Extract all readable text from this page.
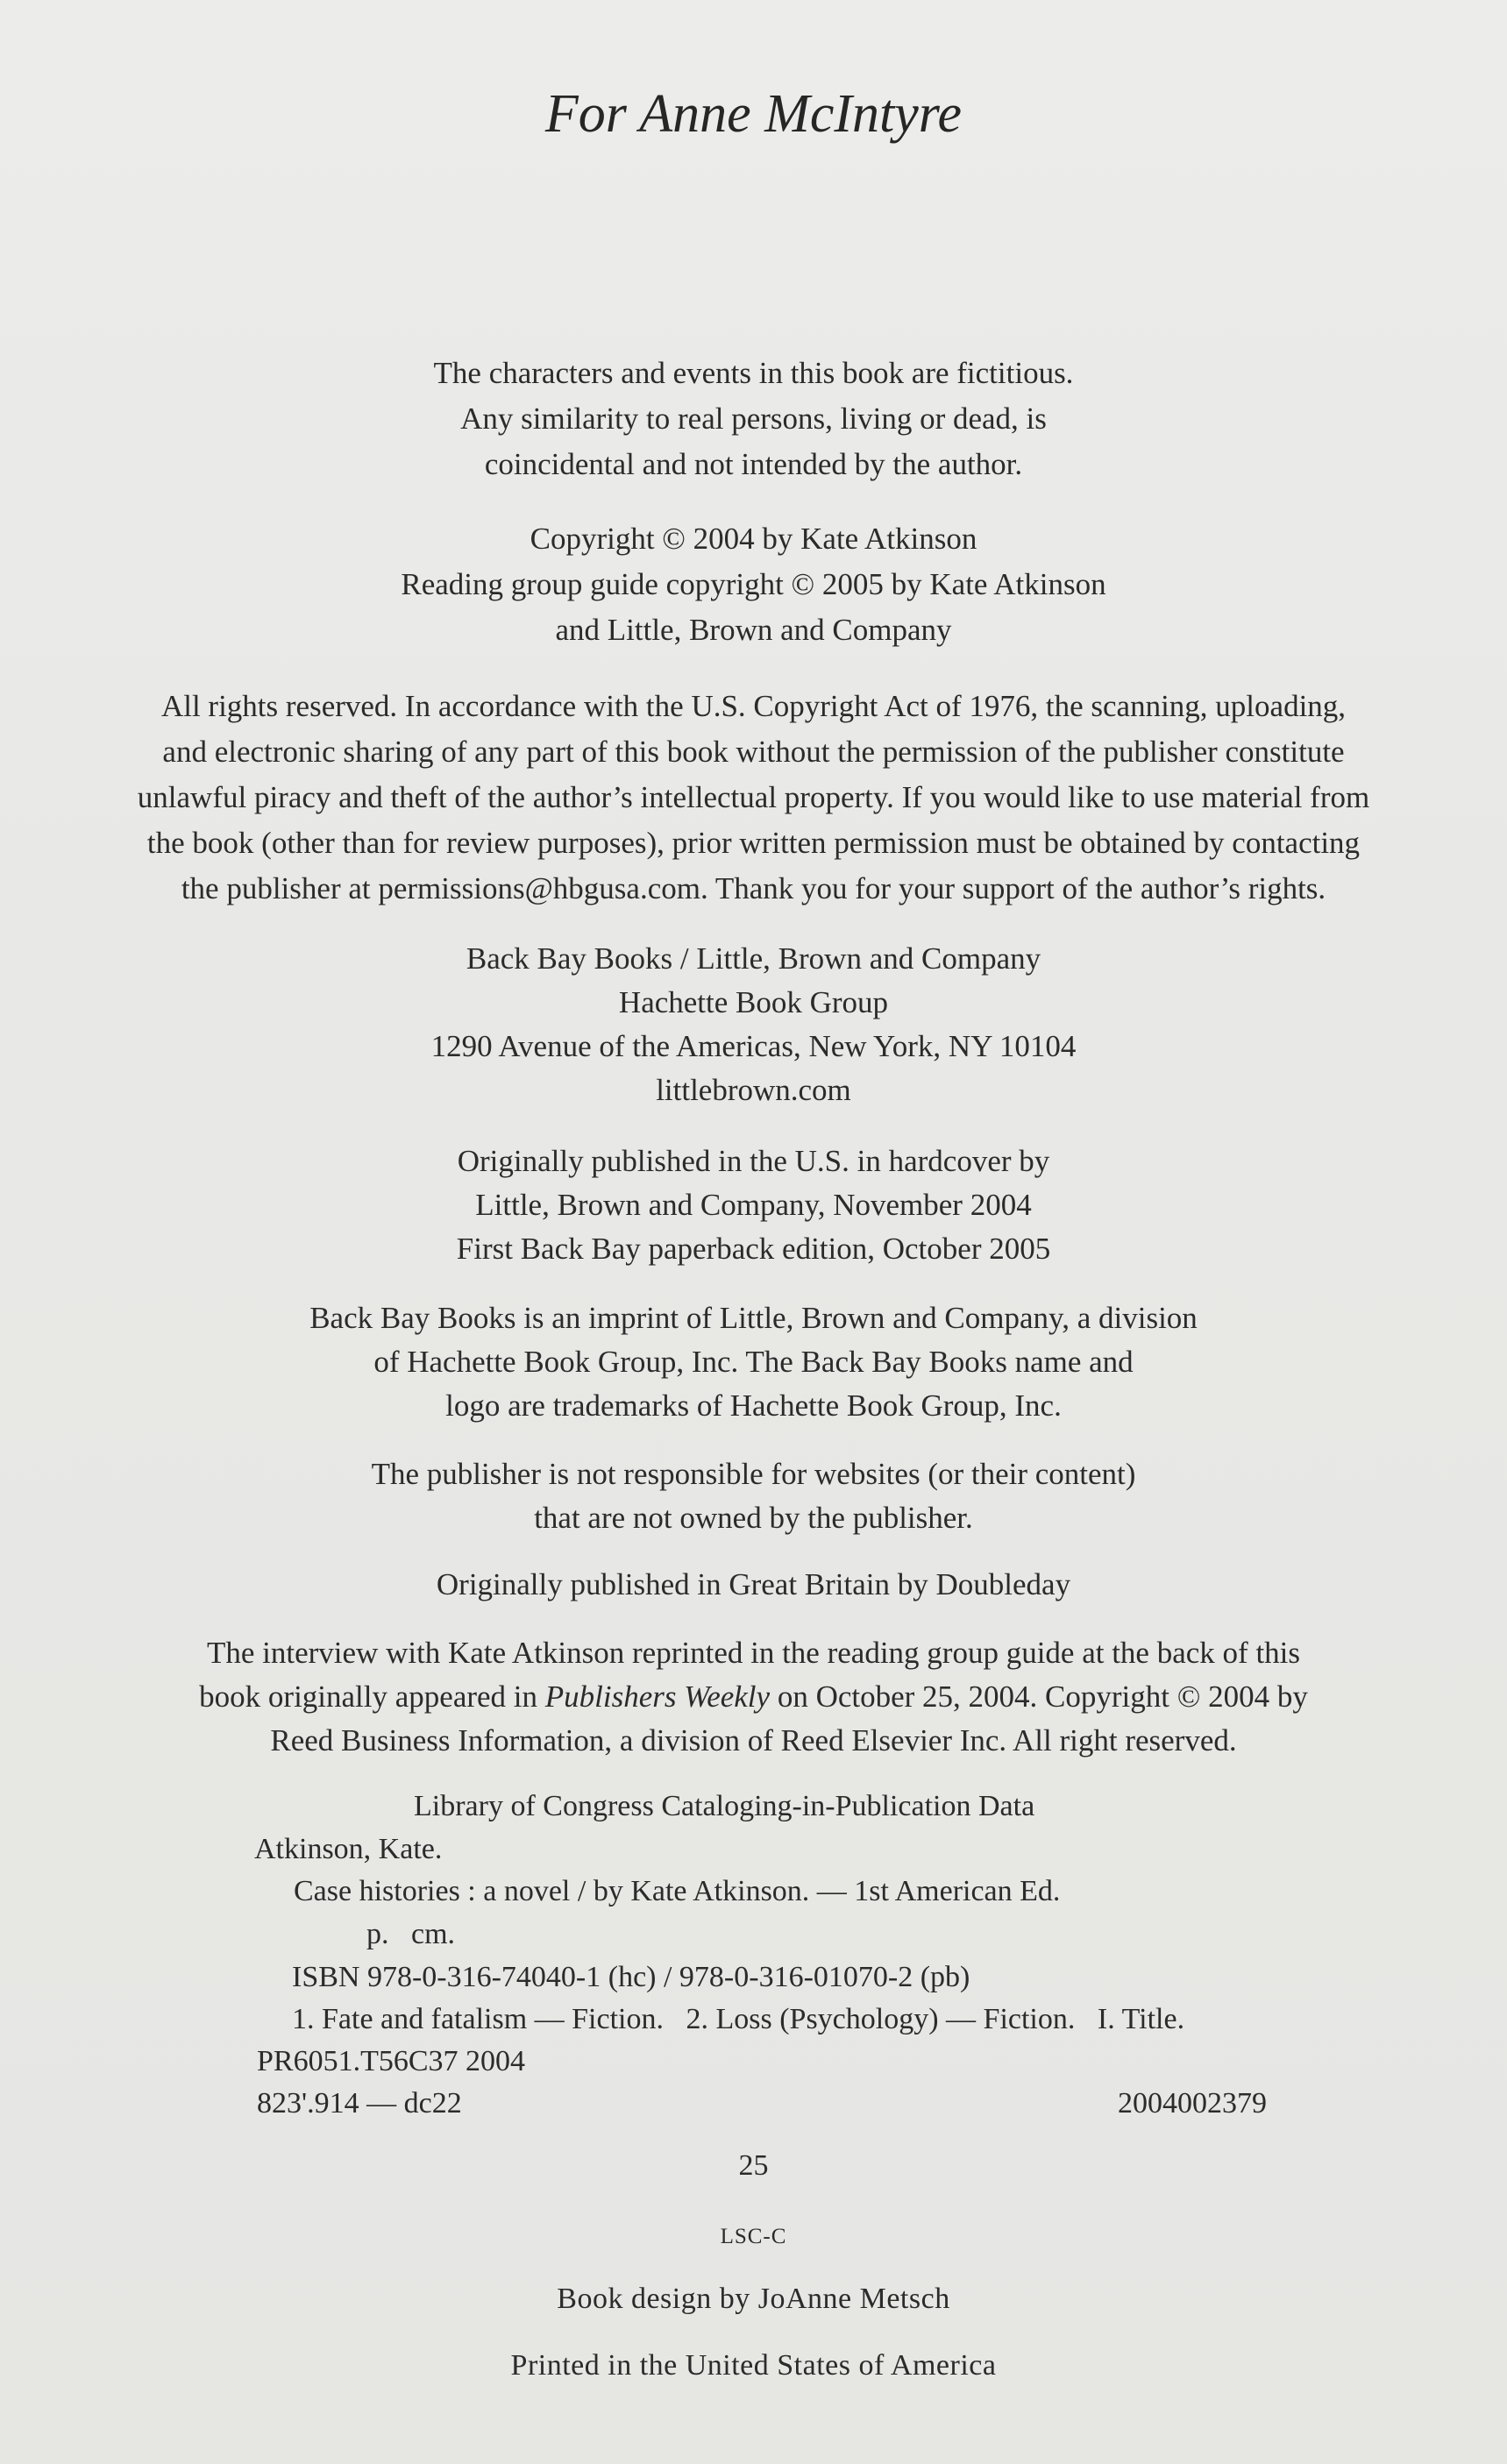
For Anne McIntyre
The characters and events in this book are fictitious.
Any similarity to real persons, living or dead, is
coincidental and not intended by the author.
Copyright © 2004 by Kate Atkinson
Reading group guide copyright © 2005 by Kate Atkinson
and Little, Brown and Company
All rights reserved. In accordance with the U.S. Copyright Act of 1976, the scanning, uploading,
and electronic sharing of any part of this book without the permission of the publisher constitute
unlawful piracy and theft of the author’s intellectual property. If you would like to use material from
the book (other than for review purposes), prior written permission must be obtained by contacting
the publisher at permissions@hbgusa.com. Thank you for your support of the author’s rights.
Back Bay Books / Little, Brown and Company
Hachette Book Group
1290 Avenue of the Americas, New York, NY 10104
littlebrown.com
Originally published in the U.S. in hardcover by
Little, Brown and Company, November 2004
First Back Bay paperback edition, October 2005
Back Bay Books is an imprint of Little, Brown and Company, a division
of Hachette Book Group, Inc. The Back Bay Books name and
logo are trademarks of Hachette Book Group, Inc.
The publisher is not responsible for websites (or their content)
that are not owned by the publisher.
Originally published in Great Britain by Doubleday
The interview with Kate Atkinson reprinted in the reading group guide at the back of this
book originally appeared in Publishers Weekly on October 25, 2004. Copyright © 2004 by
Reed Business Information, a division of Reed Elsevier Inc. All right reserved.
Library of Congress Cataloging-in-Publication Data
Atkinson, Kate.
Case histories : a novel / by Kate Atkinson. — 1st American Ed.
p.   cm.
ISBN 978-0-316-74040-1 (hc) / 978-0-316-01070-2 (pb)
1. Fate and fatalism — Fiction.   2. Loss (Psychology) — Fiction.   I. Title.
PR6051.T56C37 2004
823'.914 — dc22	2004002379
25
LSC-C
Book design by JoAnne Metsch
Printed in the United States of America
